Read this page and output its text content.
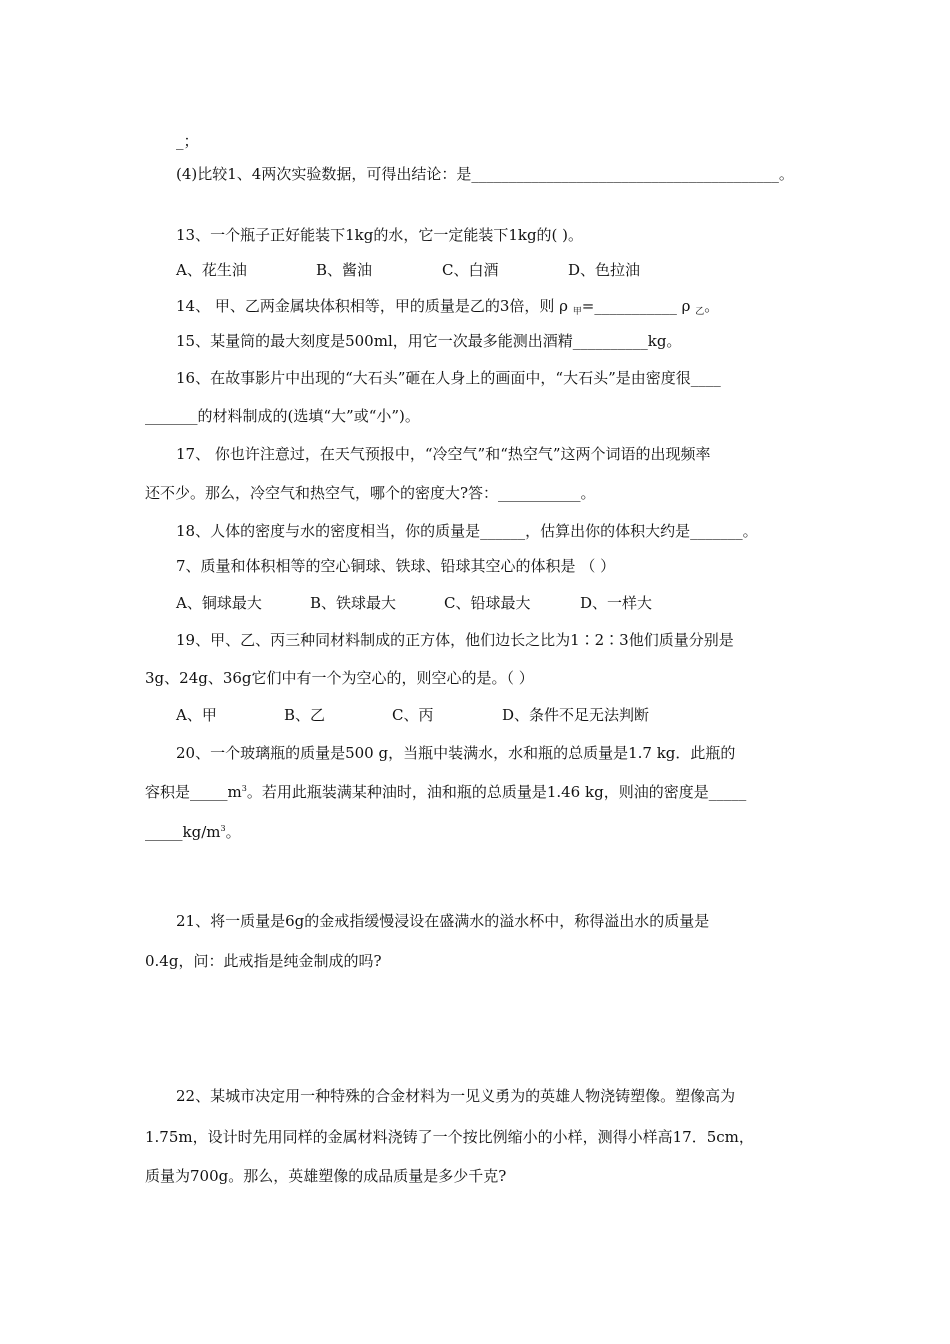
_；
(4)比较1、4两次实验数据，可得出结论：是_________________________________________。
13、一个瓶子正好能装下1kg的水，它一定能装下1kg的( )。
A、花生油	B、酱油	C、白酒	D、色拉油
14、 甲、乙两金属块体积相等，甲的质量是乙的3倍，则 ρ $_甲$=___________ ρ $_乙$。
15、某量筒的最大刻度是500ml，用它一次最多能测出酒精__________kg。
16、在故事影片中出现的“大石头”砸在人身上的画面中，“大石头”是由密度很____
_______的材料制成的(选填“大”或“小”)。
17、 你也许注意过，在天气预报中，“冷空气”和“热空气”这两个词语的出现频率
还不少。那么，冷空气和热空气，哪个的密度大?答：___________。
18、人体的密度与水的密度相当，你的质量是______，估算出你的体积大约是_______。
7、质量和体积相等的空心铜球、铁球、铅球其空心的体积是 （ ）
A、铜球最大	B、铁球最大	C、铅球最大	D、一样大
19、甲、乙、丙三种同材料制成的正方体，他们边长之比为1∶2∶3他们质量分别是
3g、24g、36g它们中有一个为空心的，则空心的是。（ ）
A、甲	B、乙	C、丙	D、条件不足无法判断
20、一个玻璃瓶的质量是500 g，当瓶中装满水，水和瓶的总质量是1.7 kg．此瓶的
容积是$\_\_\_\_\_m^3$。若用此瓶装满某种油时，油和瓶的总质量是1.46 kg，则油的密度是_____
$\_\_\_\_\_kg/m^3$。
21、将一质量是6g的金戒指缓慢浸设在盛满水的溢水杯中，称得溢出水的质量是
0.4g，问：此戒指是纯金制成的吗?
22、某城市决定用一种特殊的合金材料为一见义勇为的英雄人物浇铸塑像。塑像高为
1.75m，设计时先用同样的金属材料浇铸了一个按比例缩小的小样，测得小样高17．5cm，
质量为700g。那么，英雄塑像的成品质量是多少千克?
